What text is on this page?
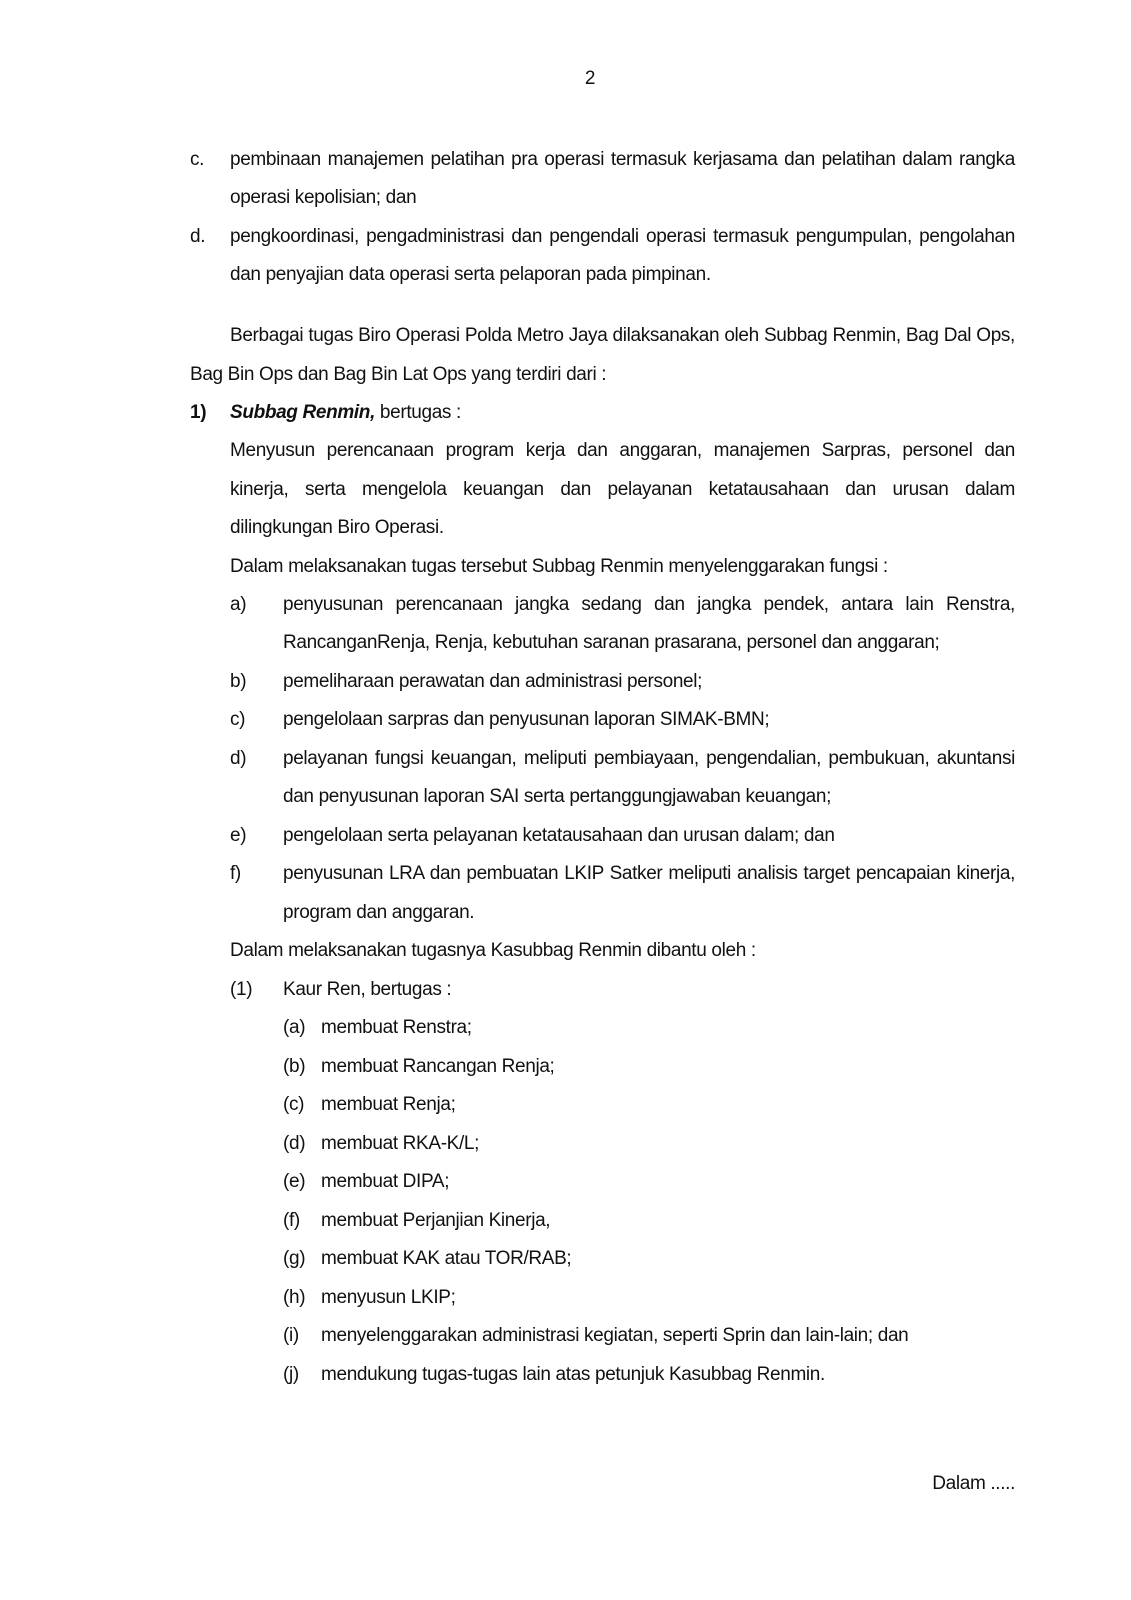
2
c. pembinaan manajemen pelatihan pra operasi termasuk kerjasama dan pelatihan dalam rangka
operasi kepolisian; dan
d. pengkoordinasi, pengadministrasi dan pengendali operasi termasuk pengumpulan, pengolahan
dan penyajian data operasi serta pelaporan pada pimpinan.
Berbagai tugas Biro Operasi Polda Metro Jaya dilaksanakan oleh Subbag Renmin, Bag Dal Ops,
Bag Bin Ops dan Bag Bin Lat Ops yang terdiri dari :
1) Subbag Renmin, bertugas :
Menyusun perencanaan program kerja dan anggaran, manajemen Sarpras, personel dan
kinerja, serta mengelola keuangan dan pelayanan ketatausahaan dan urusan dalam
dilingkungan Biro Operasi.
Dalam melaksanakan tugas tersebut Subbag Renmin menyelenggarakan fungsi :
a) penyusunan perencanaan jangka sedang dan jangka pendek, antara lain Renstra,
RancanganRenja, Renja, kebutuhan saranan prasarana, personel dan anggaran;
b) pemeliharaan perawatan dan administrasi personel;
c) pengelolaan sarpras dan penyusunan laporan SIMAK-BMN;
d) pelayanan fungsi keuangan, meliputi pembiayaan, pengendalian, pembukuan, akuntansi
dan penyusunan laporan SAI serta pertanggungjawaban keuangan;
e) pengelolaan serta pelayanan ketatausahaan dan urusan dalam; dan
f) penyusunan LRA dan pembuatan LKIP Satker meliputi analisis target pencapaian kinerja,
program dan anggaran.
Dalam melaksanakan tugasnya Kasubbag Renmin dibantu oleh :
(1) Kaur Ren, bertugas :
(a) membuat Renstra;
(b) membuat Rancangan Renja;
(c) membuat Renja;
(d) membuat RKA-K/L;
(e) membuat DIPA;
(f) membuat Perjanjian Kinerja,
(g) membuat KAK atau TOR/RAB;
(h) menyusun LKIP;
(i) menyelenggarakan administrasi kegiatan, seperti Sprin dan lain-lain; dan
(j) mendukung tugas-tugas lain atas petunjuk Kasubbag Renmin.
Dalam .....
